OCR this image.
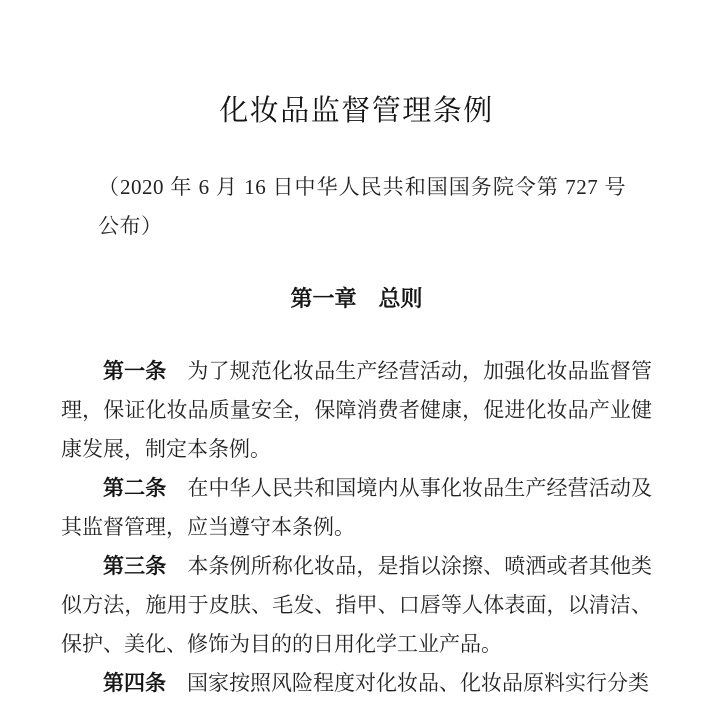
化妆品监督管理条例

（2020 年 6 月 16 日中华人民共和国国务院令第 727 号公布）

第一章　总则

第一条 为了规范化妆品生产经营活动，加强化妆品监督管理，保证化妆品质量安全，保障消费者健康，促进化妆品产业健康发展，制定本条例。

第二条 在中华人民共和国境内从事化妆品生产经营活动及其监督管理，应当遵守本条例。

第三条 本条例所称化妆品，是指以涂擦、喷洒或者其他类似方法，施用于皮肤、毛发、指甲、口唇等人体表面，以清洁、保护、美化、修饰为目的的日用化学工业产品。

第四条 国家按照风险程度对化妆品、化妆品原料实行分类
